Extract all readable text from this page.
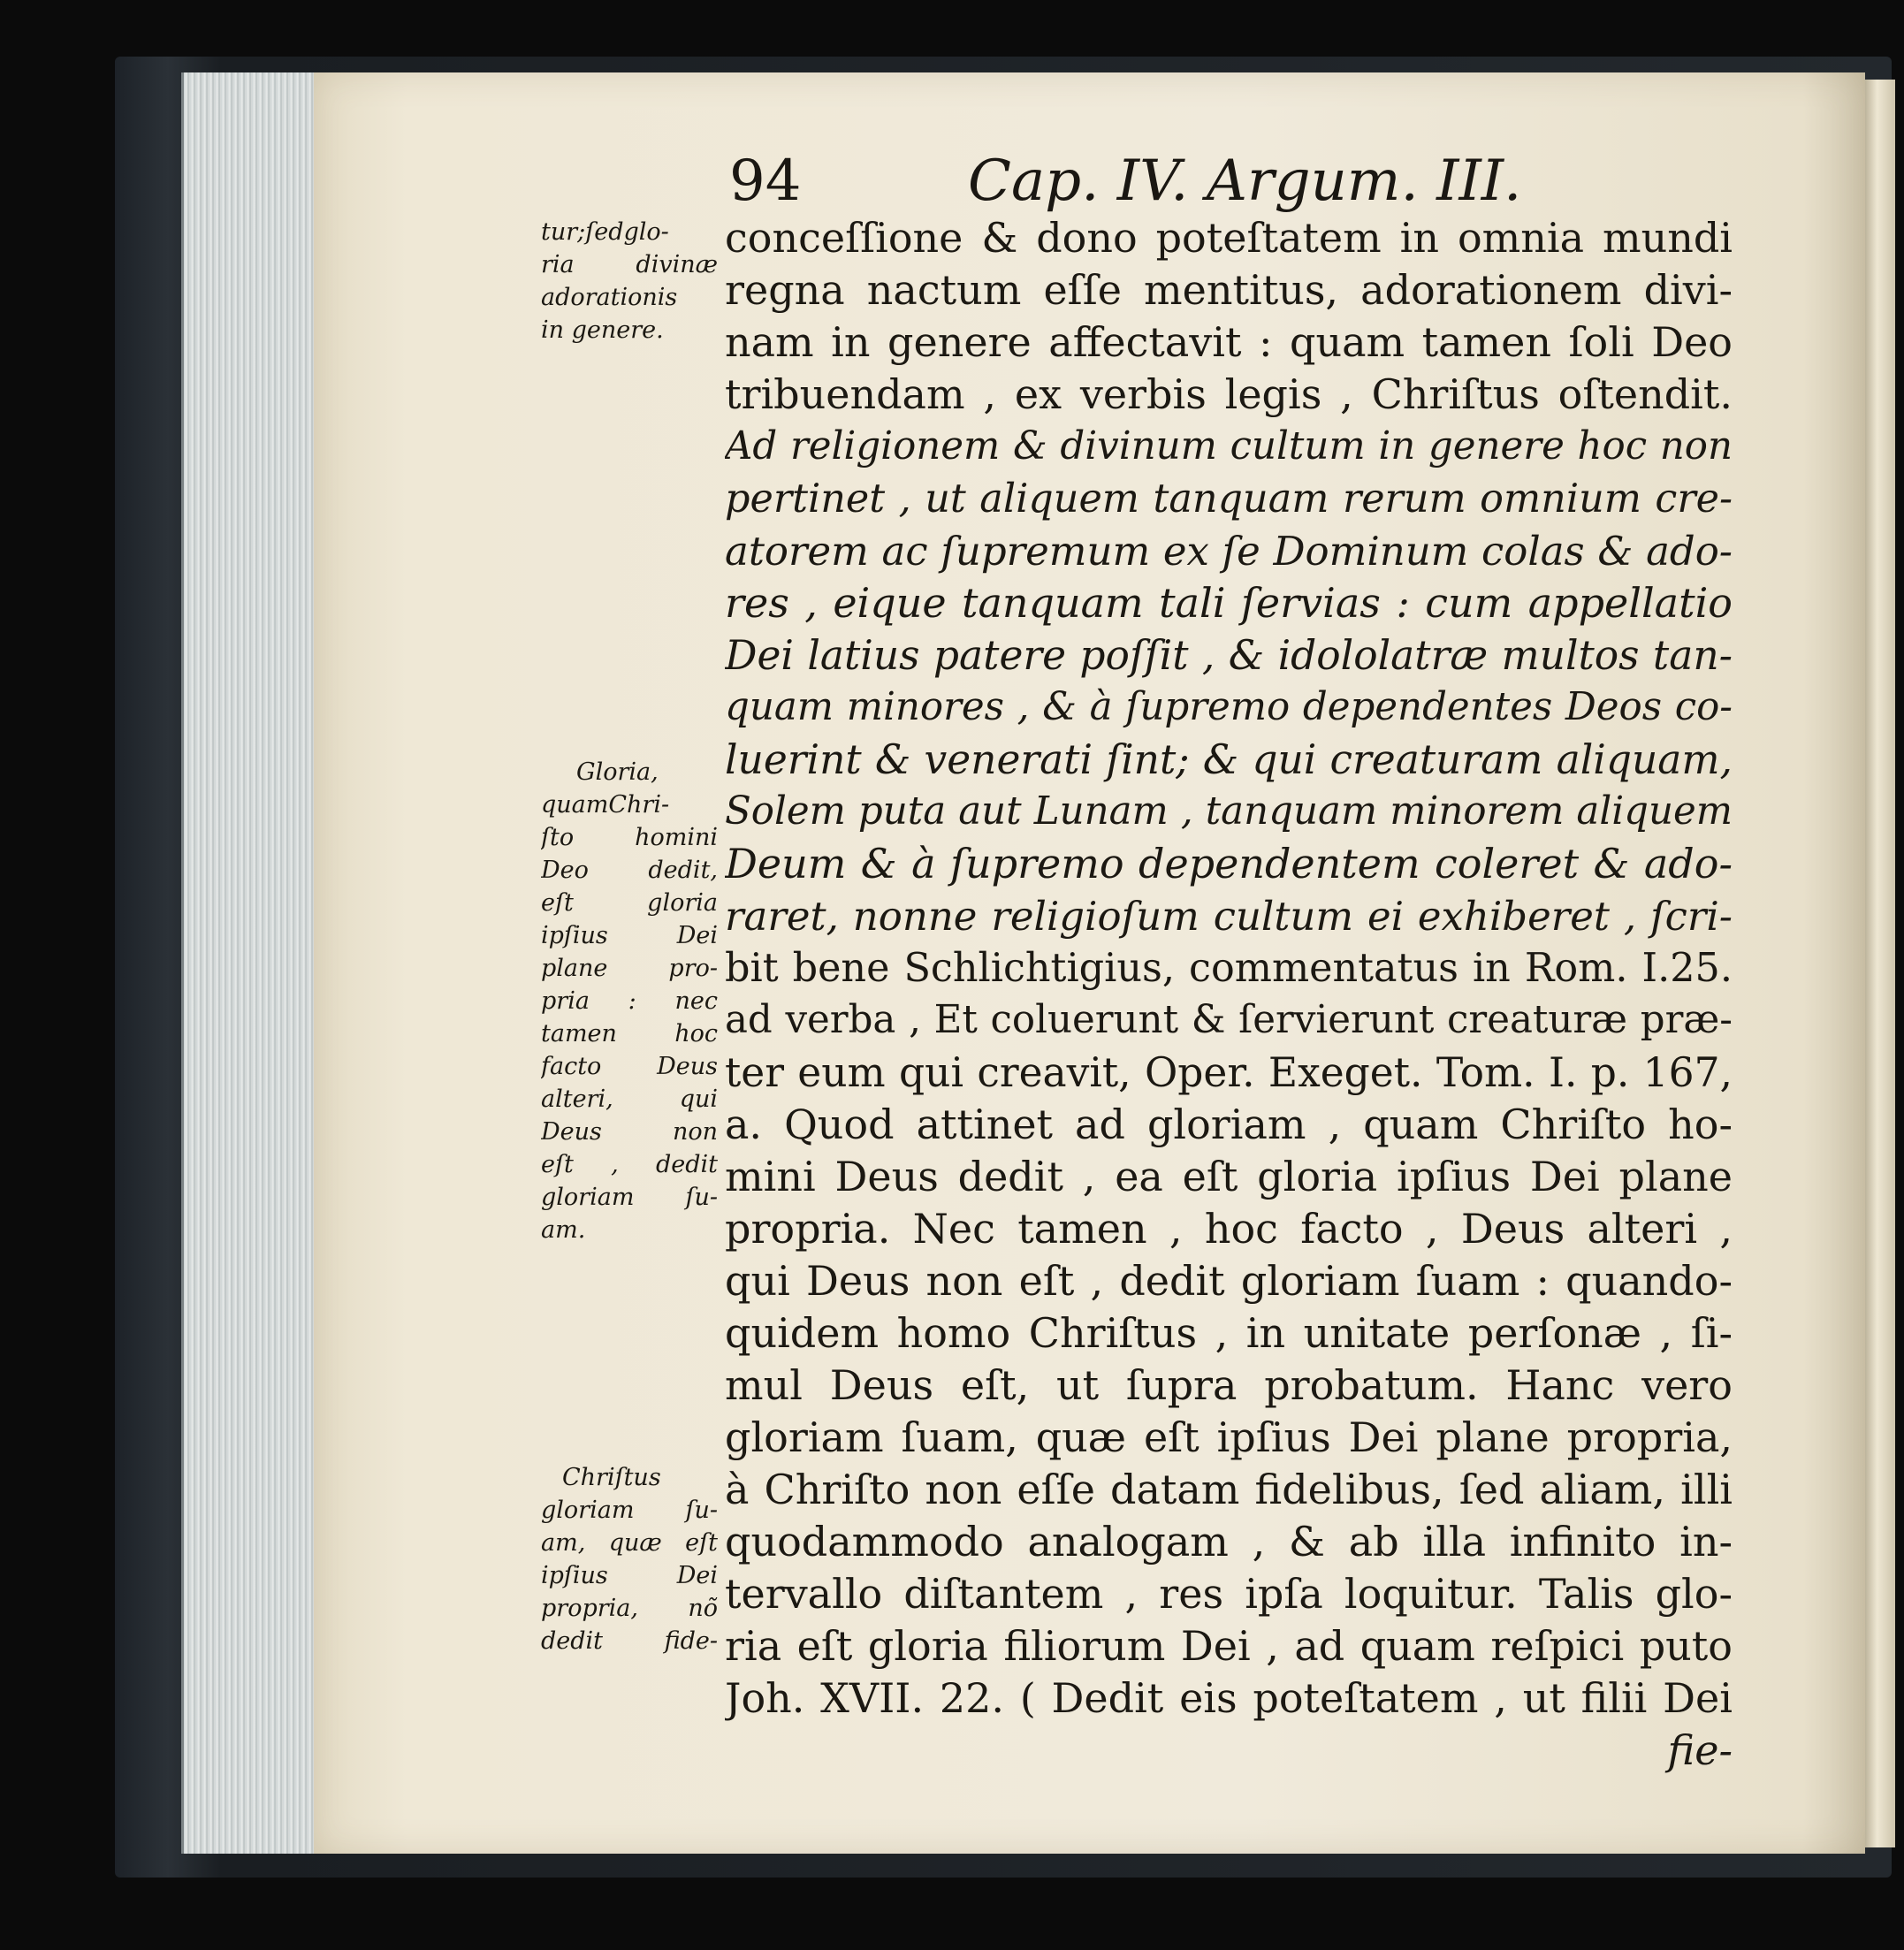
94	Cap. IV. Argum. III.
tur;ſedglo-
ria divinæ
adorationis
in genere.
Gloria,
quamChri-
ſto homini
Deo dedit,
eſt gloria
ipſius Dei
plane pro-
pria : nec
tamen hoc
facto Deus
alteri, qui
Deus non
eſt , dedit
gloriam ſu-
am.
Chriſtus
gloriam ſu-
am, quæ eſt
ipſius Dei
propria, nõ
dedit fide-
conceſſione & dono poteſtatem in omnia mundi
regna nactum eſſe mentitus, adorationem divi-
nam in genere affectavit : quam tamen ſoli Deo
tribuendam , ex verbis legis , Chriſtus oſtendit.
Ad religionem & divinum cultum in genere hoc non
pertinet , ut aliquem tanquam rerum omnium cre-
atorem ac ſupremum ex ſe Dominum colas & ado-
res , eique tanquam tali ſervias : cum appellatio
Dei latius patere poſſit , & idololatræ multos tan-
quam minores , & à ſupremo dependentes Deos co-
luerint & venerati ſint; & qui creaturam aliquam,
Solem puta aut Lunam , tanquam minorem aliquem
Deum & à ſupremo dependentem coleret & ado-
raret, nonne religioſum cultum ei exhiberet , ſcri-
bit bene Schlichtigius, commentatus in Rom. I.25.
ad verba , Et coluerunt & ſervierunt creaturæ præ-
ter eum qui creavit, Oper. Exeget. Tom. I. p. 167,
a. Quod attinet ad gloriam , quam Chriſto ho-
mini Deus dedit , ea eſt gloria ipſius Dei plane
propria. Nec tamen , hoc facto , Deus alteri ,
qui Deus non eſt , dedit gloriam ſuam : quando-
quidem homo Chriſtus , in unitate perſonæ , ſi-
mul Deus eſt, ut ſupra probatum. Hanc vero
gloriam ſuam, quæ eſt ipſius Dei plane propria,
à Chriſto non eſſe datam fidelibus, ſed aliam, illi
quodammodo analogam , & ab illa infinito in-
tervallo diſtantem , res ipſa loquitur. Talis glo-
ria eſt gloria filiorum Dei , ad quam reſpici puto
Joh. XVII. 22. ( Dedit eis poteſtatem , ut filii Dei
fie-
